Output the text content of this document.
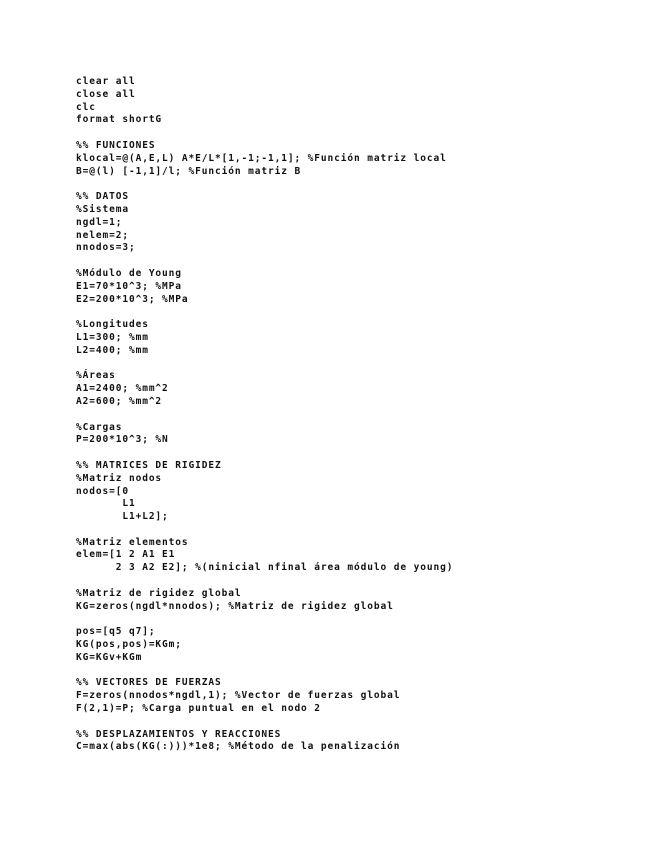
clear all
close all
clc
format shortG

%% FUNCIONES
klocal=@(A,E,L) A*E/L*[1,-1;-1,1]; %Función matriz local
B=@(l) [-1,1]/l; %Función matriz B

%% DATOS
%Sistema
ngdl=1;
nelem=2;
nnodos=3;

%Módulo de Young
E1=70*10^3; %MPa
E2=200*10^3; %MPa

%Longitudes
L1=300; %mm
L2=400; %mm

%Áreas
A1=2400; %mm^2
A2=600; %mm^2

%Cargas
P=200*10^3; %N

%% MATRICES DE RIGIDEZ
%Matriz nodos
nodos=[0
L1
L1+L2];

%Matriz elementos
elem=[1 2 A1 E1
2 3 A2 E2]; %(ninicial nfinal área módulo de young)

%Matriz de rigidez global
KG=zeros(ngdl*nnodos); %Matriz de rigidez global

pos=[q5 q7];
KG(pos,pos)=KGm;
KG=KGv+KGm

%% VECTORES DE FUERZAS
F=zeros(nnodos*ngdl,1); %Vector de fuerzas global
F(2,1)=P; %Carga puntual en el nodo 2

%% DESPLAZAMIENTOS Y REACCIONES
C=max(abs(KG(:)))*1e8; %Método de la penalización
